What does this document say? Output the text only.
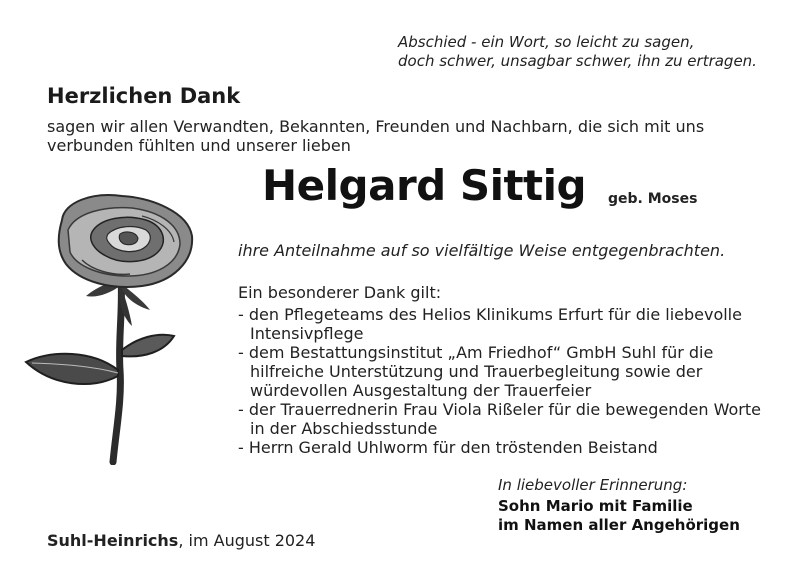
Abschied - ein Wort, so leicht zu sagen,
doch schwer, unsagbar schwer, ihn zu ertragen.
Herzlichen Dank
sagen wir allen Verwandten, Bekannten, Freunden und Nachbarn, die sich mit uns
verbunden fühlten und unserer lieben
Helgard Sittig geb. Moses
ihre Anteilnahme auf so vielfältige Weise entgegenbrachten.
Ein besonderer Dank gilt:
- den Pflegeteams des Helios Klinikums Erfurt für die liebevolle
Intensivpflege
- dem Bestattungsinstitut „Am Friedhof“ GmbH Suhl für die
hilfreiche Unterstützung und Trauerbegleitung sowie der
würdevollen Ausgestaltung der Trauerfeier
- der Trauerrednerin Frau Viola Rißeler für die bewegenden Worte
in der Abschiedsstunde
- Herrn Gerald Uhlworm für den tröstenden Beistand
In liebevoller Erinnerung:
Sohn Mario mit Familie
im Namen aller Angehörigen
Suhl-Heinrichs, im August 2024
